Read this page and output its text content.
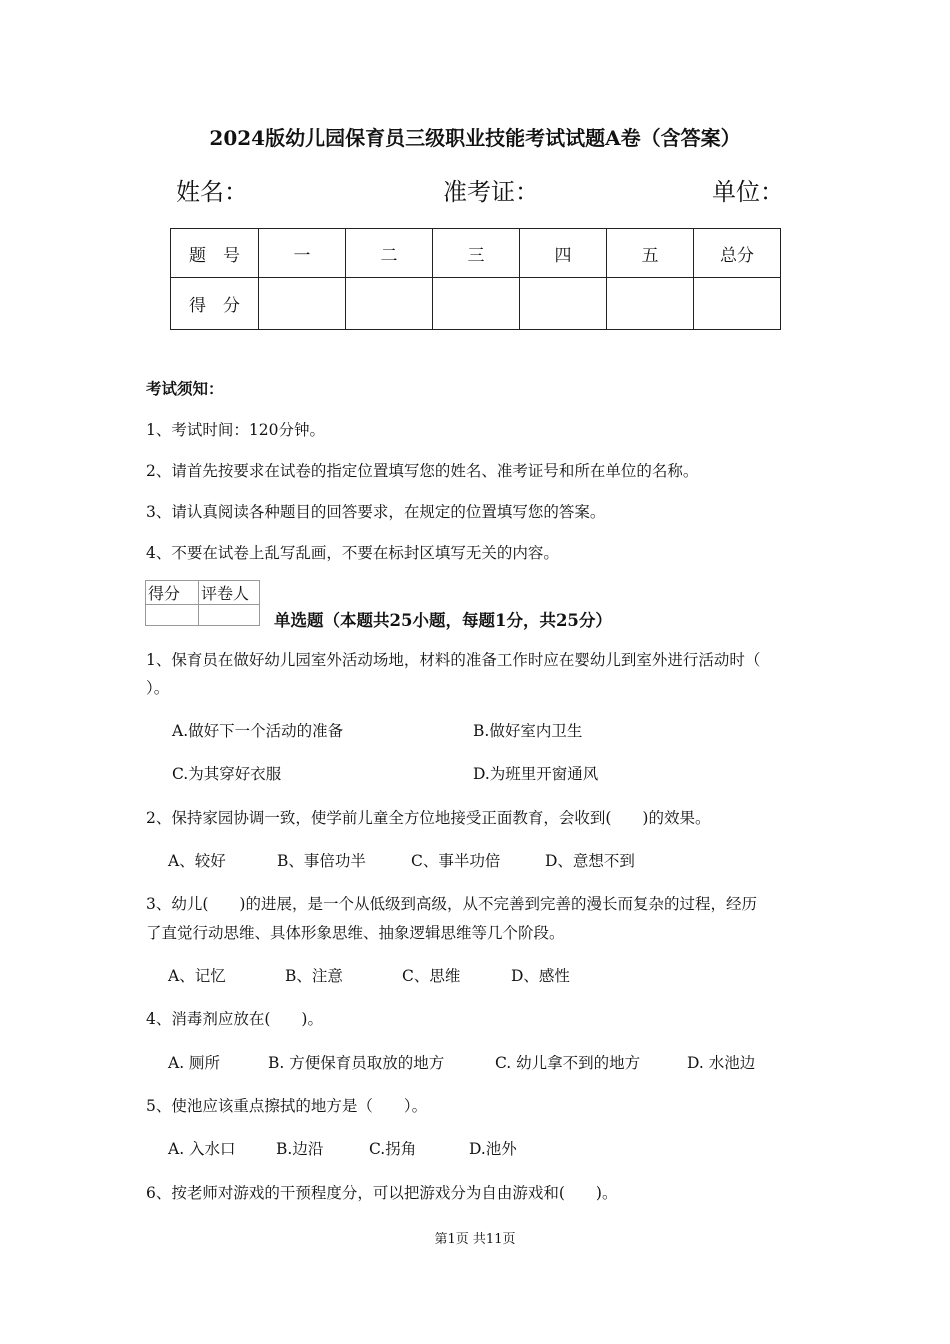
2024版幼儿园保育员三级职业技能考试试题A卷（含答案）
姓名：	准考证：	单位：
题　号	一	二	三	四	五	总分
得　分						
考试须知：
1、考试时间：120分钟。
2、请首先按要求在试卷的指定位置填写您的姓名、准考证号和所在单位的名称。
3、请认真阅读各种题目的回答要求，在规定的位置填写您的答案。
4、不要在试卷上乱写乱画，不要在标封区填写无关的内容。
得分	评卷人

单选题（本题共25小题，每题1分，共25分）
1、保育员在做好幼儿园室外活动场地，材料的准备工作时应在婴幼儿到室外进行活动时（
）。
A.做好下一个活动的准备	B.做好室内卫生
C.为其穿好衣服	D.为班里开窗通风
2、保持家园协调一致，使学前儿童全方位地接受正面教育，会收到(　　)的效果。
A、较好	B、事倍功半	C、事半功倍	D、意想不到
3、幼儿(　　)的进展，是一个从低级到高级，从不完善到完善的漫长而复杂的过程，经历
了直觉行动思维、具体形象思维、抽象逻辑思维等几个阶段。
A、记忆	B、注意	C、思维	D、感性
4、消毒剂应放在(　　)。
A. 厕所	B. 方便保育员取放的地方	C. 幼儿拿不到的地方	D. 水池边
5、使池应该重点擦拭的地方是（　　）。
A. 入水口	B.边沿	C.拐角	D.池外
6、按老师对游戏的干预程度分，可以把游戏分为自由游戏和(　　)。
第1页 共11页
